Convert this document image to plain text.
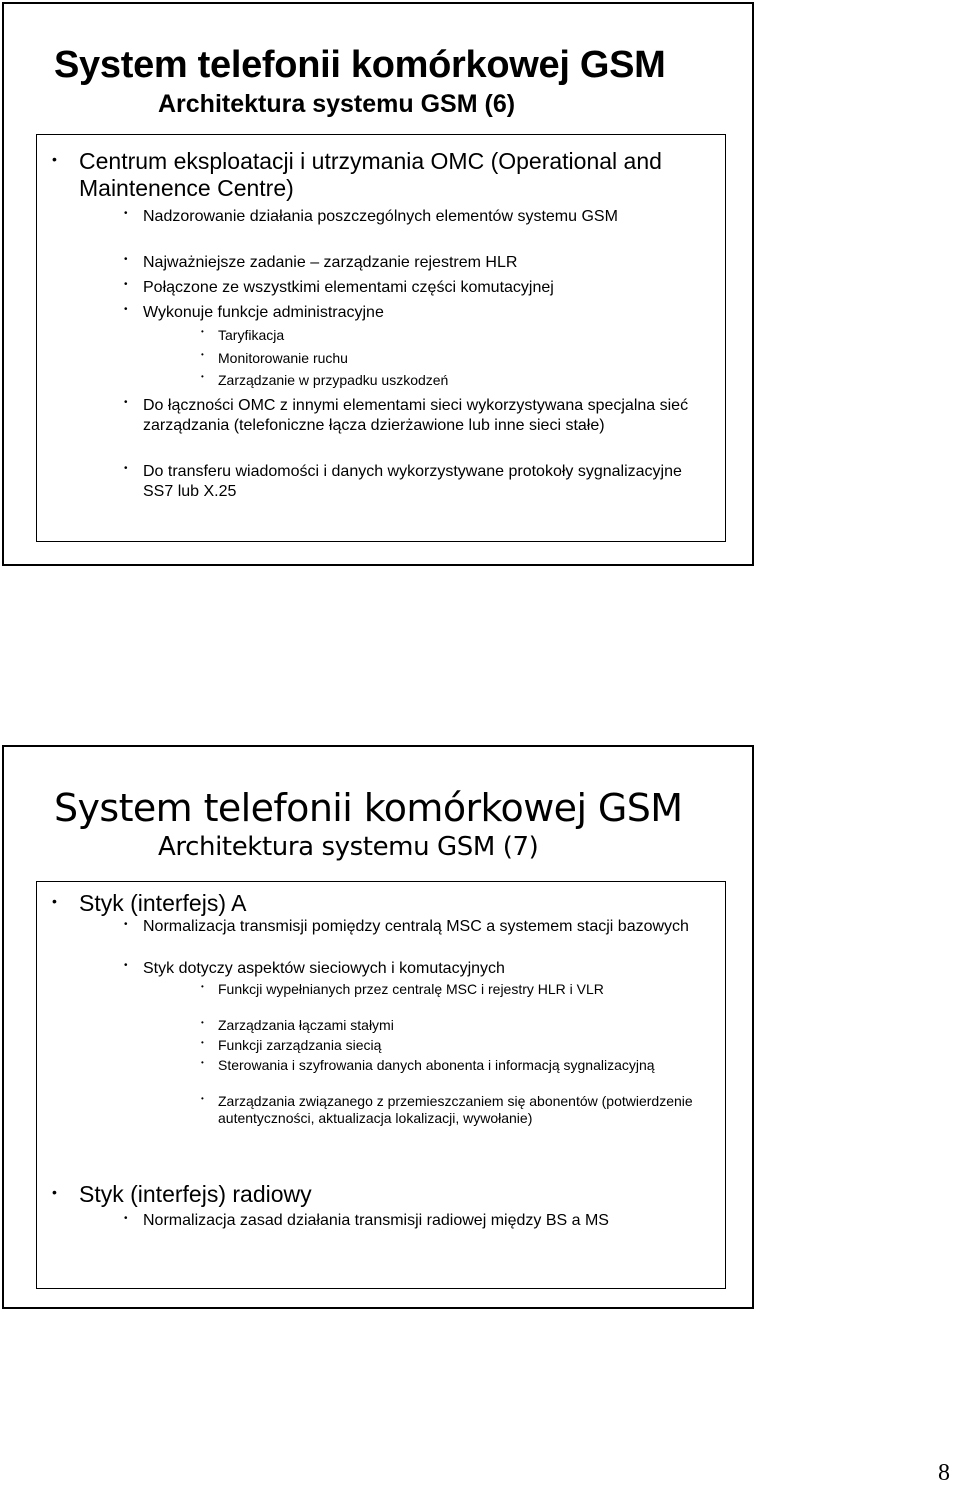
System telefonii komórkowej GSM
Architektura systemu GSM (6)
• Centrum eksploatacji i utrzymania OMC (Operational and Maintenence Centre)
• Nadzorowanie działania poszczególnych elementów systemu GSM
• Najważniejsze zadanie – zarządzanie rejestrem HLR
• Połączone ze wszystkimi elementami części komutacyjnej
• Wykonuje funkcje administracyjne
• Taryfikacja
• Monitorowanie ruchu
• Zarządzanie w przypadku uszkodzeń
• Do łączności OMC z innymi elementami sieci wykorzystywana specjalna sieć zarządzania (telefoniczne łącza dzierżawione lub inne sieci stałe)
• Do transferu wiadomości i danych wykorzystywane protokoły sygnalizacyjne SS7 lub X.25
System telefonii komórkowej GSM
Architektura systemu GSM (7)
• Styk (interfejs) A
• Normalizacja transmisji pomiędzy centralą MSC a systemem stacji bazowych
• Styk dotyczy aspektów sieciowych i komutacyjnych
• Funkcji wypełnianych przez centralę MSC i rejestry HLR i VLR
• Zarządzania łączami stałymi
• Funkcji zarządzania siecią
• Sterowania i szyfrowania danych abonenta i informacją sygnalizacyjną
• Zarządzania związanego z przemieszczaniem się abonentów (potwierdzenie autentyczności, aktualizacja lokalizacji, wywołanie)
• Styk (interfejs) radiowy
• Normalizacja zasad działania transmisji radiowej między BS a MS
8
